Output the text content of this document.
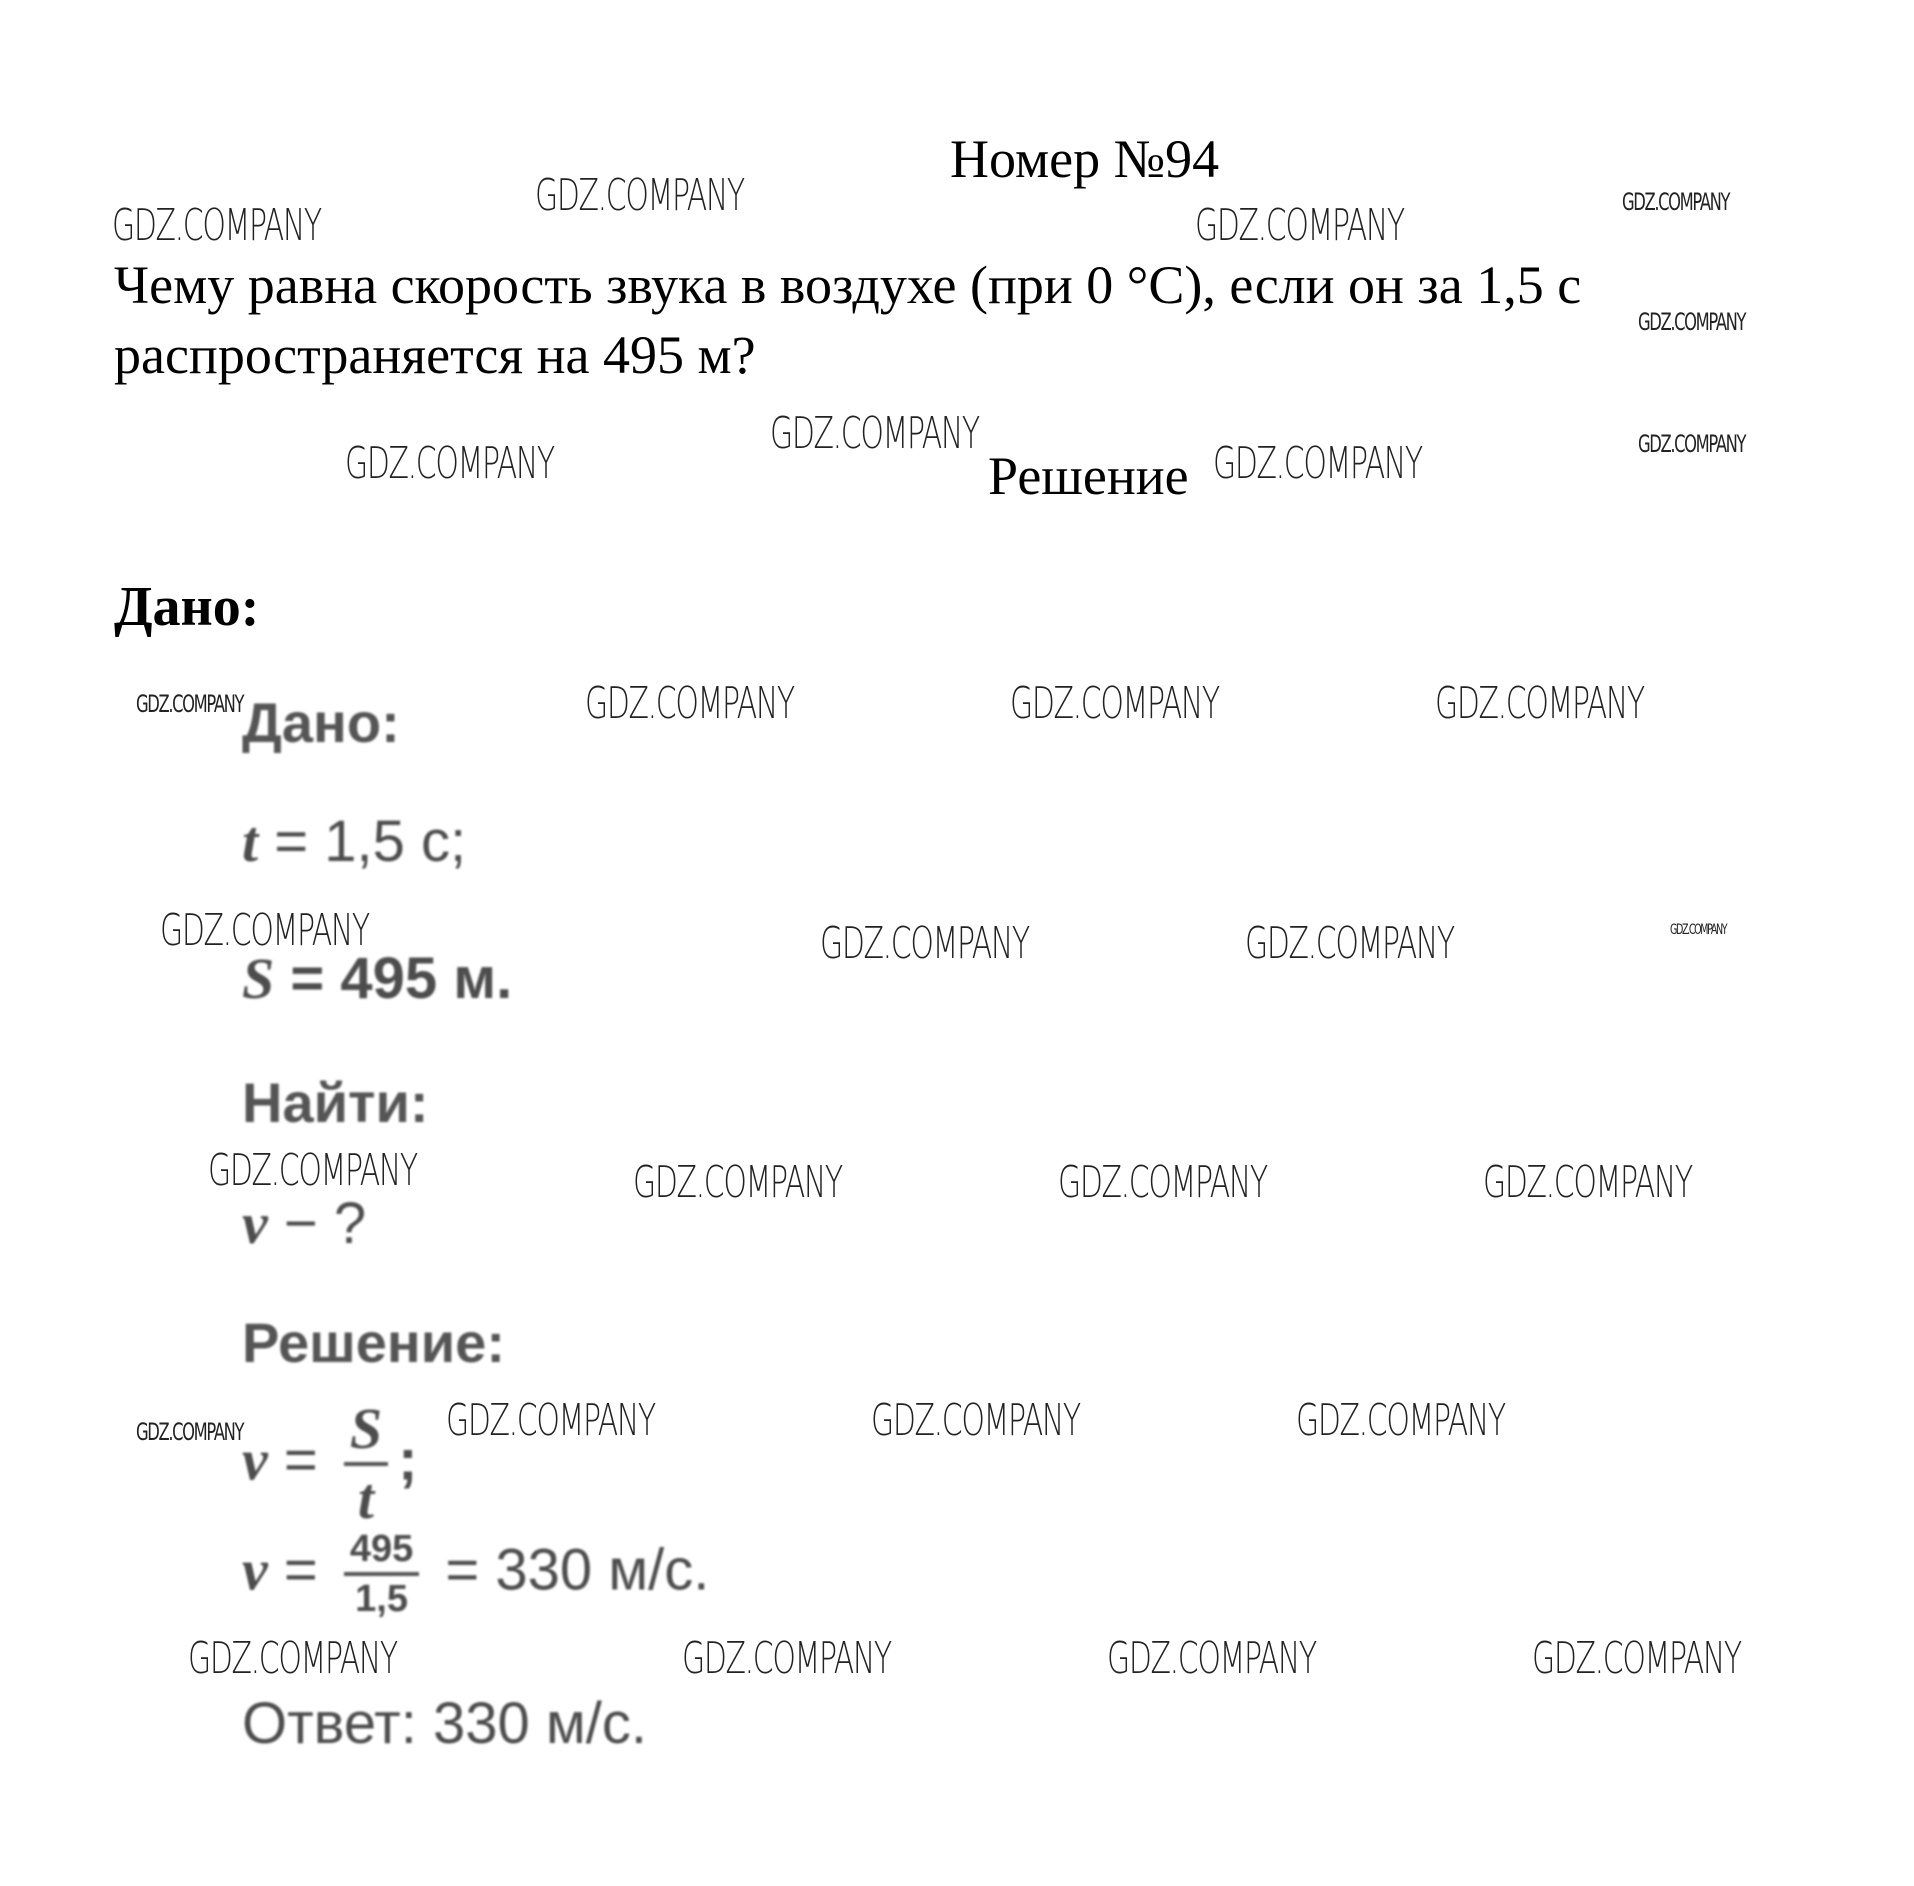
Номер №94
Чему равна скорость звука в воздухе (при 0 °С), если он за 1,5 с распространяется на 495 м?
Решение
Дано:
Дано:
t = 1,5 с;
S = 495 м.
Найти:
v − ?
Решение:
$v = \frac{S}{t}$ ;
$v = \frac{495}{1,5} = 330$ м/с.
Ответ: 330 м/с.
GDZ.COMPANY
GDZ.COMPANY
GDZ.COMPANY	GDZ.COMPANY
GDZ.COMPANY
GDZ.COMPANY
GDZ.COMPANY
GDZ.COMPANY	GDZ.COMPANY
GDZ.COMPANY	GDZ.COMPANY	GDZ.COMPANY	GDZ.COMPANY
GDZ.COMPANY	GDZ.COMPANY	GDZ.COMPANY	GDZ.COMPANY
GDZ.COMPANY	GDZ.COMPANY	GDZ.COMPANY	GDZ.COMPANY
GDZ.COMPANY	GDZ.COMPANY	GDZ.COMPANY	GDZ.COMPANY
GDZ.COMPANY	GDZ.COMPANY	GDZ.COMPANY	GDZ.COMPANY
